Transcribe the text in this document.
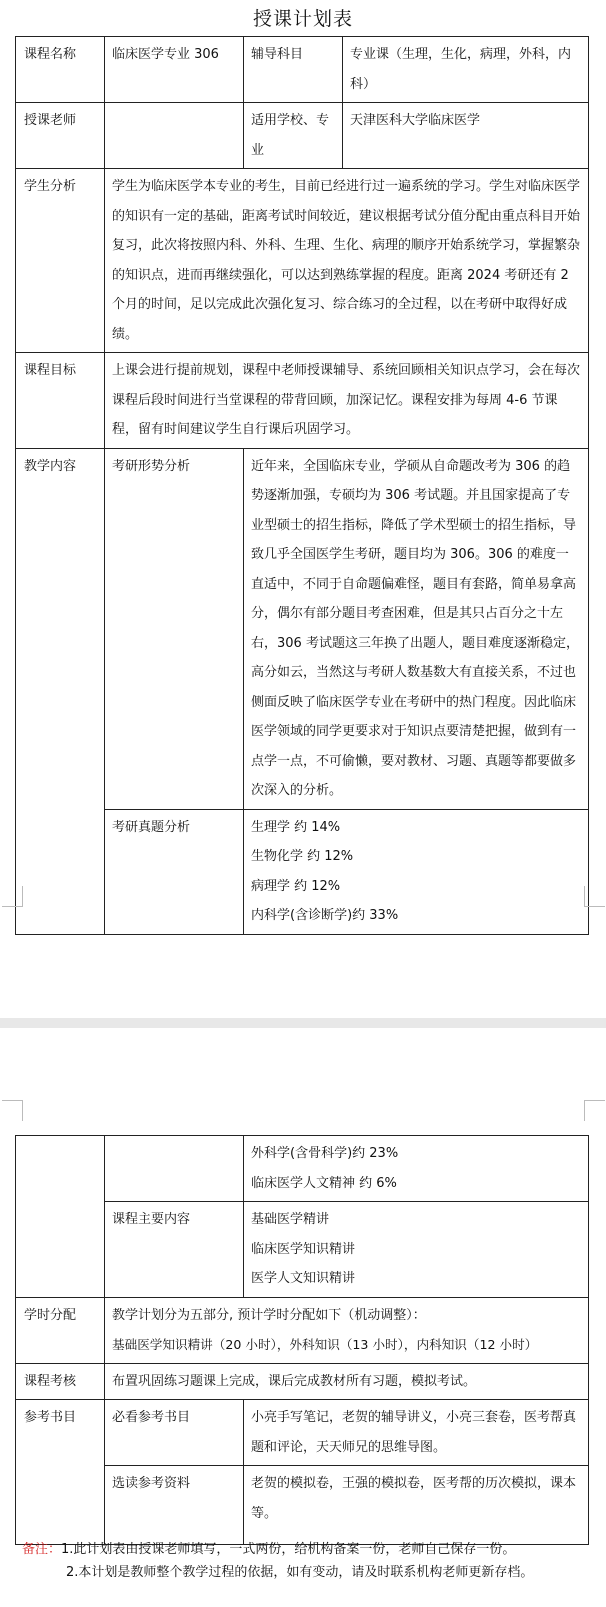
授课计划表
课程名称	临床医学专业 306	辅导科目	专业课（生理，生化，病理，外科，内科）
授课老师		适用学校、专业	天津医科大学临床医学
学生分析	学生为临床医学本专业的考生，目前已经进行过一遍系统的学习。学生对临床医学的知识有一定的基础，距离考试时间较近，建议根据考试分值分配由重点科目开始复习，此次将按照内科、外科、生理、生化、病理的顺序开始系统学习，掌握繁杂的知识点，进而再继续强化，可以达到熟练掌握的程度。距离 2024 考研还有 2 个月的时间，足以完成此次强化复习、综合练习的全过程，以在考研中取得好成绩。		
课程目标	上课会进行提前规划，课程中老师授课辅导、系统回顾相关知识点学习，会在每次课程后段时间进行当堂课程的带背回顾，加深记忆。课程安排为每周 4-6 节课程，留有时间建议学生自行课后巩固学习。		
教学内容	考研形势分析	近年来，全国临床专业，学硕从自命题改考为 306 的趋势逐渐加强，专硕均为 306 考试题。并且国家提高了专业型硕士的招生指标，降低了学术型硕士的招生指标，导致几乎全国医学生考研，题目均为 306。306 的难度一直适中，不同于自命题偏难怪，题目有套路，简单易拿高分，偶尔有部分题目考查困难，但是其只占百分之十左右，306 考试题这三年换了出题人，题目难度逐渐稳定，高分如云，当然这与考研人数基数大有直接关系，不过也侧面反映了临床医学专业在考研中的热门程度。因此临床医学领域的同学更要求对于知识点要清楚把握，做到有一点学一点，不可偷懒，要对教材、习题、真题等都要做多次深入的分析。	
	考研真题分析	生理学 约 14%
生物化学 约 12%
病理学 约 12%
内科学(含诊断学)约 33%	

		外科学(含骨科学)约 23%
临床医学人文精神 约 6%

	课程主要内容	基础医学精讲
临床医学知识精讲
医学人文知识精讲

学时分配	教学计划分为五部分, 预计学时分配如下（机动调整）：
基础医学知识精讲（20 小时），外科知识（13 小时），内科知识（12 小时）	

课程考核	布置巩固练习题课上完成，课后完成教材所有习题，模拟考试。	
参考书目	必看参考书目	小亮手写笔记，老贺的辅导讲义，小亮三套卷，医考帮真题和评论，天天师兄的思维导图。
	选读参考资料	老贺的模拟卷，王强的模拟卷，医考帮的历次模拟，课本等。
备注：1.此计划表由授课老师填写，一式两份，给机构备案一份，老师自己保存一份。
2.本计划是教师整个教学过程的依据，如有变动，请及时联系机构老师更新存档。
